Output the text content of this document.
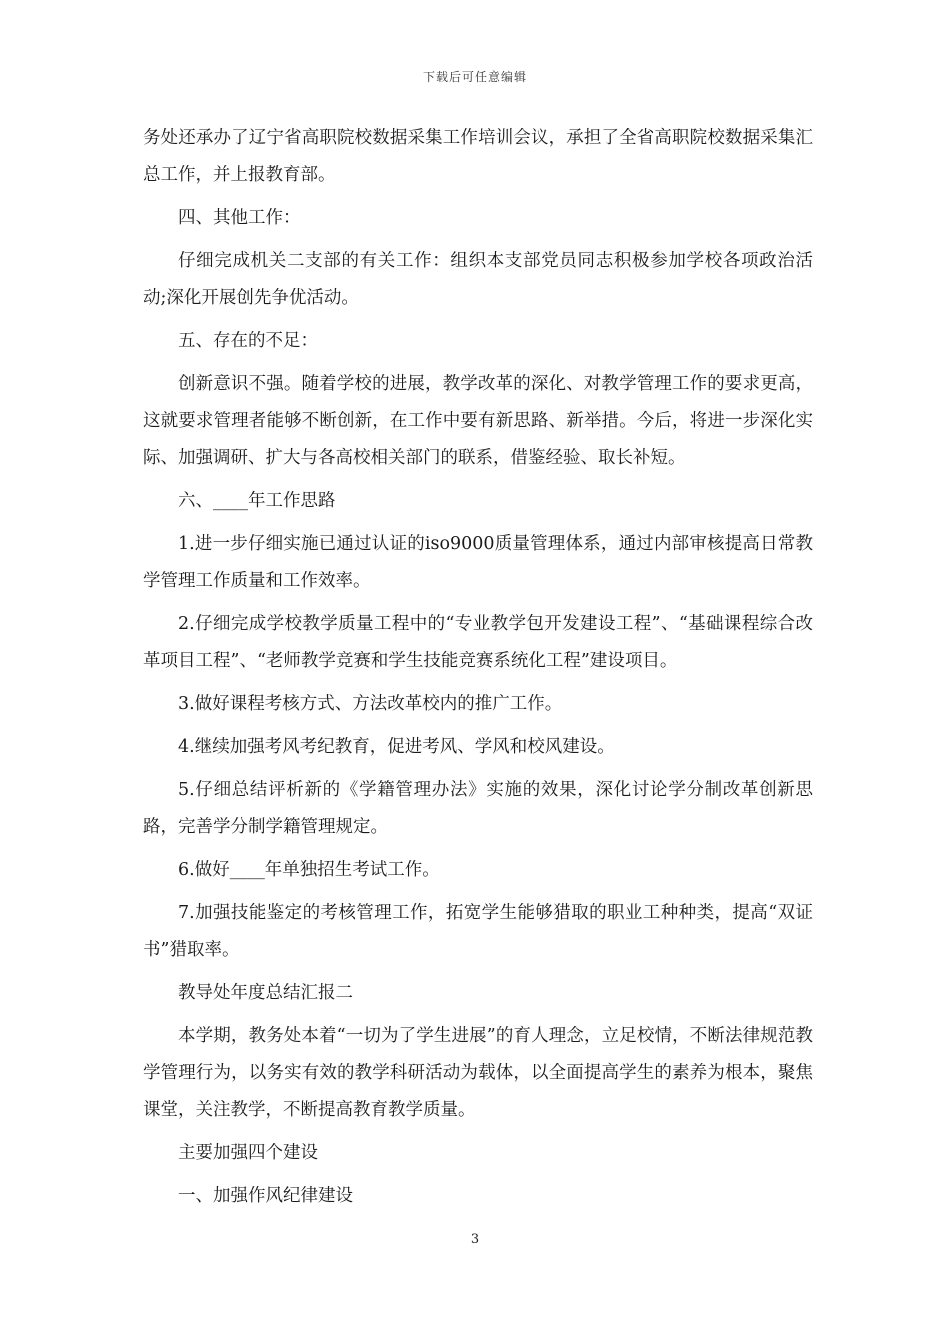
下载后可任意编辑

务处还承办了辽宁省高职院校数据采集工作培训会议，承担了全省高职院校数据采集汇总工作，并上报教育部。

四、其他工作：

仔细完成机关二支部的有关工作：组织本支部党员同志积极参加学校各项政治活动;深化开展创先争优活动。

五、存在的不足：

创新意识不强。随着学校的进展，教学改革的深化、对教学管理工作的要求更高，这就要求管理者能够不断创新，在工作中要有新思路、新举措。今后，将进一步深化实际、加强调研、扩大与各高校相关部门的联系，借鉴经验、取长补短。

六、____年工作思路

1.进一步仔细实施已通过认证的iso9000质量管理体系，通过内部审核提高日常教学管理工作质量和工作效率。

2.仔细完成学校教学质量工程中的“专业教学包开发建设工程”、“基础课程综合改革项目工程”、“老师教学竞赛和学生技能竞赛系统化工程”建设项目。

3.做好课程考核方式、方法改革校内的推广工作。

4.继续加强考风考纪教育，促进考风、学风和校风建设。

5.仔细总结评析新的《学籍管理办法》实施的效果，深化讨论学分制改革创新思路，完善学分制学籍管理规定。

6.做好____年单独招生考试工作。

7.加强技能鉴定的考核管理工作，拓宽学生能够猎取的职业工种种类，提高“双证书”猎取率。

教导处年度总结汇报二

本学期，教务处本着“一切为了学生进展”的育人理念，立足校情，不断法律规范教学管理行为，以务实有效的教学科研活动为载体，以全面提高学生的素养为根本，聚焦课堂，关注教学，不断提高教育教学质量。

主要加强四个建设

一、加强作风纪律建设

3
